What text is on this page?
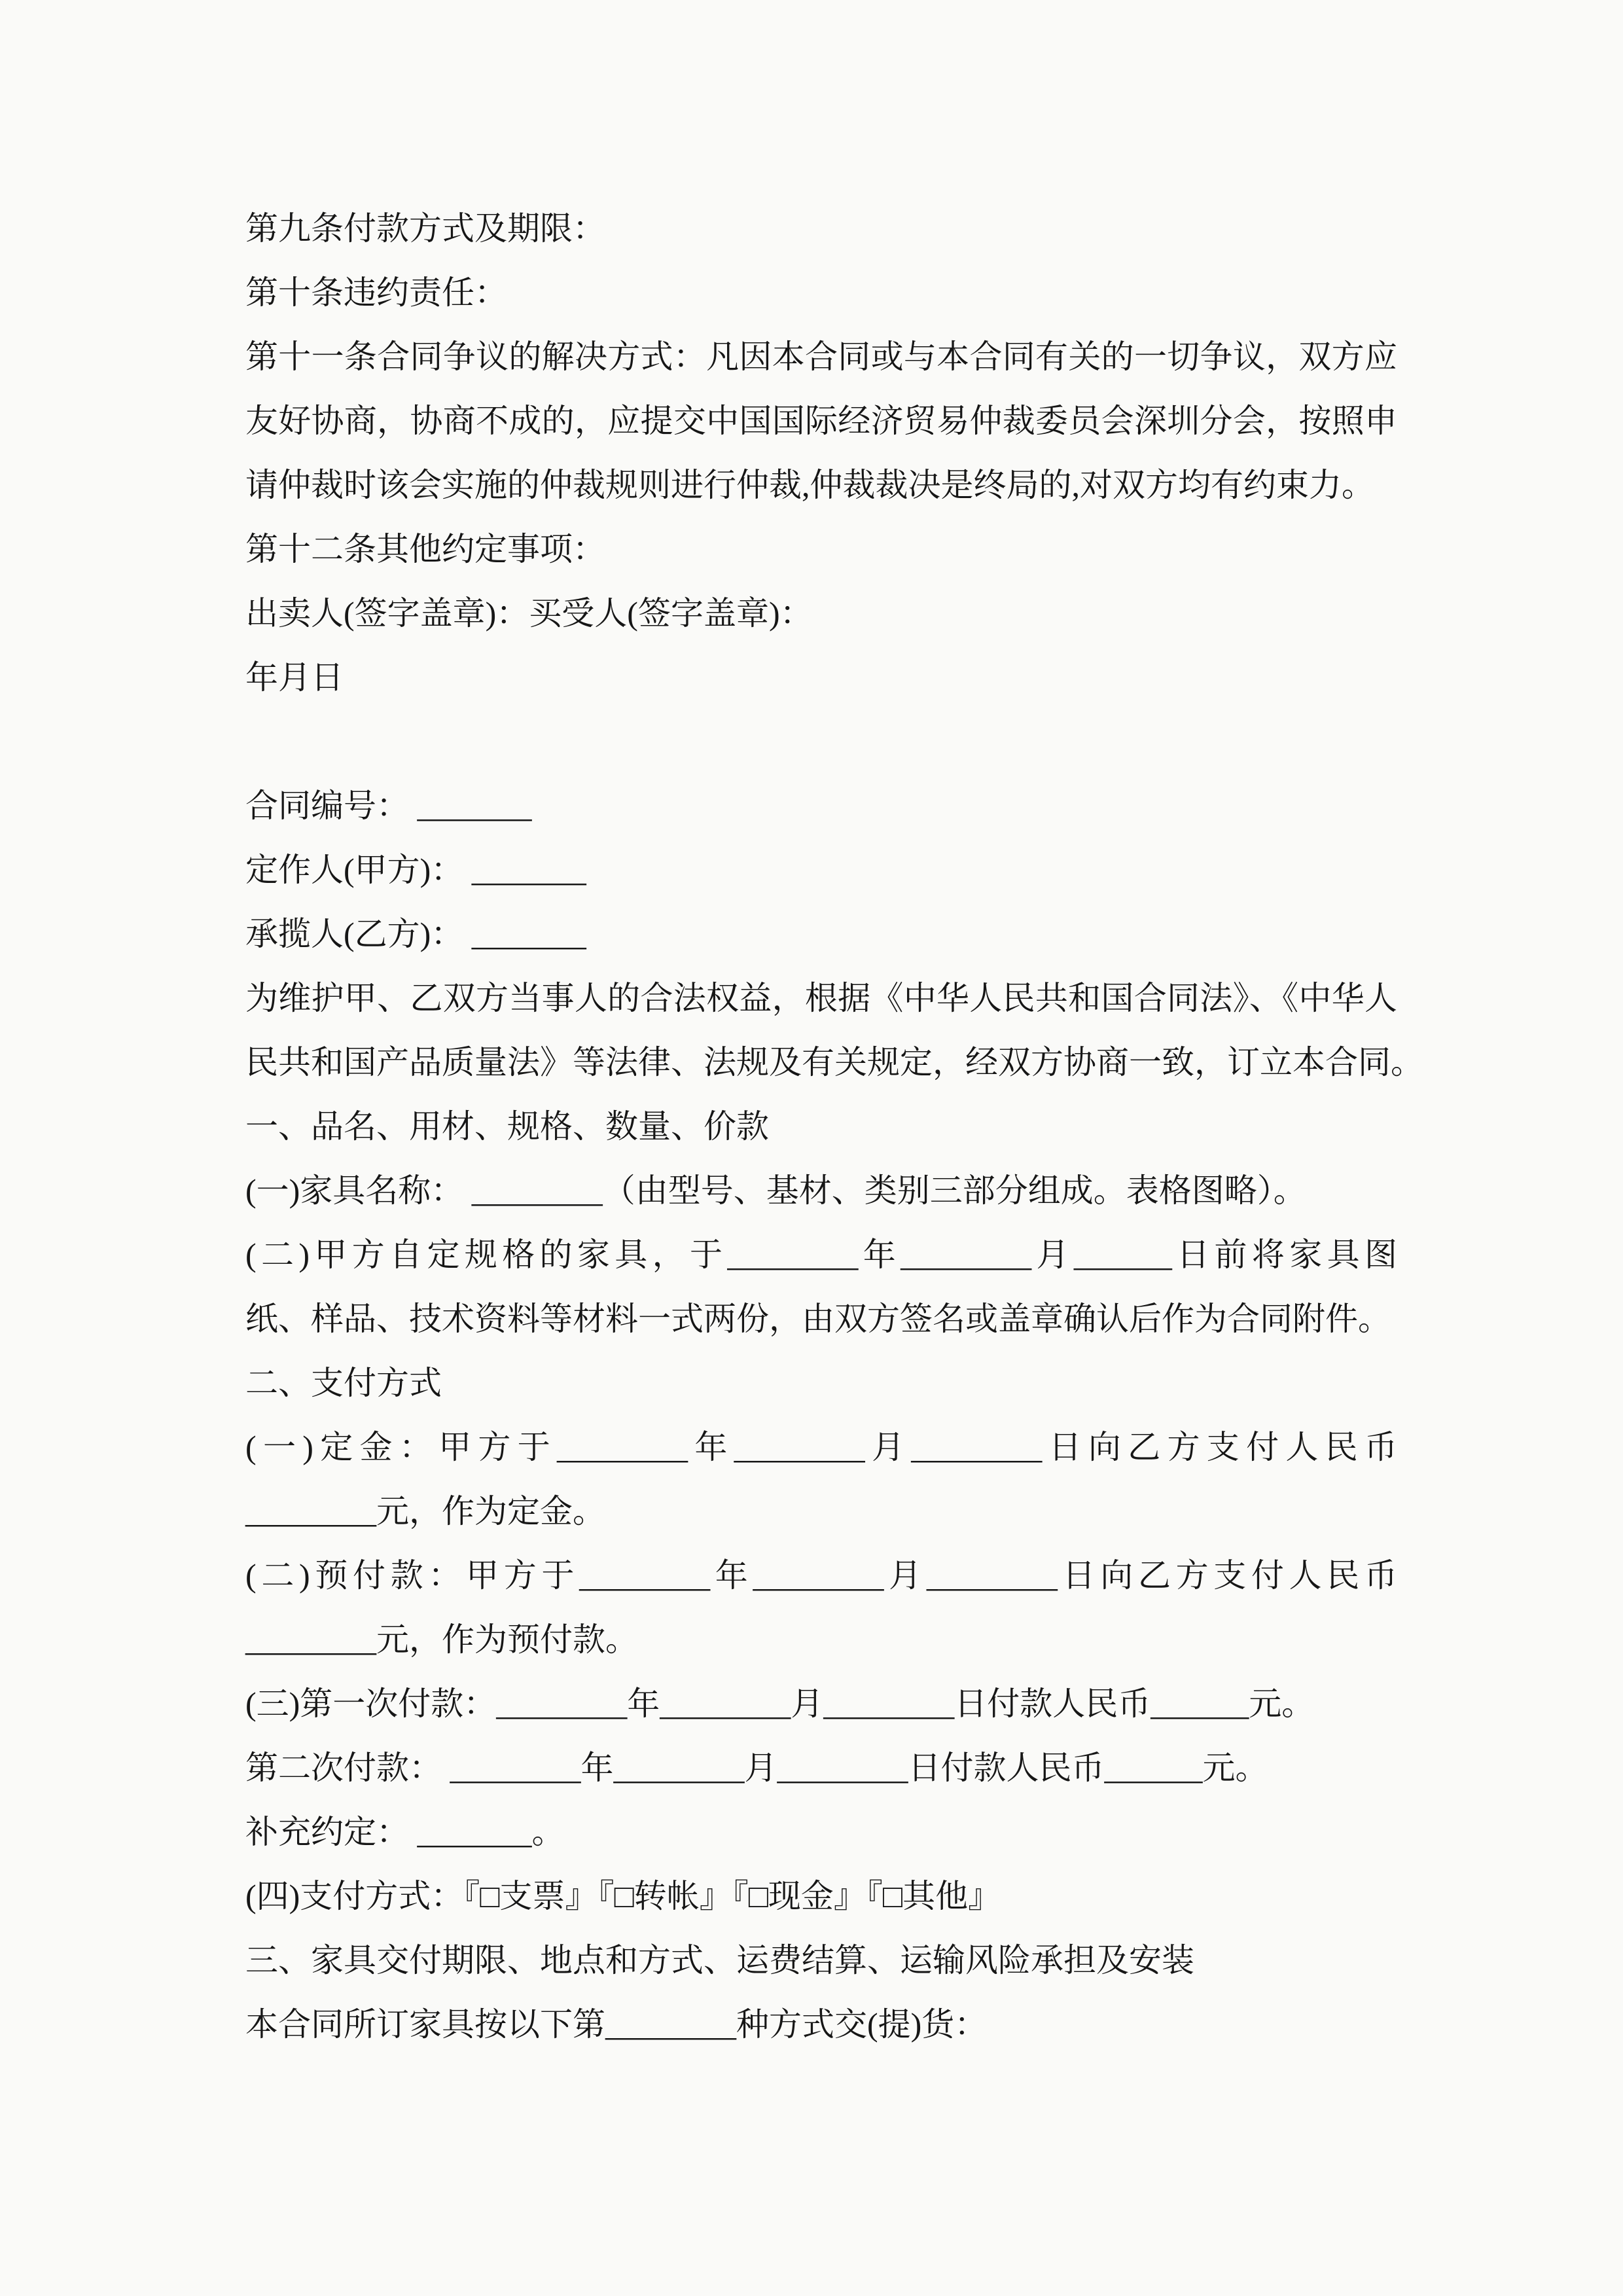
第九条付款方式及期限：
第十条违约责任：
第十一条合同争议的解决方式：凡因本合同或与本合同有关的一切争议，双方应
友好协商，协商不成的，应提交中国国际经济贸易仲裁委员会深圳分会，按照申
请仲裁时该会实施的仲裁规则进行仲裁,仲裁裁决是终局的,对双方均有约束力。
第十二条其他约定事项：
出卖人(签字盖章)：买受人(签字盖章)：
年月日
合同编号： _______
定作人(甲方)： _______
承揽人(乙方)： _______
为维护甲、乙双方当事人的合法权益，根据《中华人民共和国合同法》、《中华人
民共和国产品质量法》等法律、法规及有关规定，经双方协商一致，订立本合同。
一、品名、用材、规格、数量、价款
(一)家具名称： ________（由型号、基材、类别三部分组成。表格图略）。
(二)甲方自定规格的家具，于________年________月______日前将家具图
纸、样品、技术资料等材料一式两份，由双方签名或盖章确认后作为合同附件。
二、支付方式
(一)定金：甲方于________年________月________日向乙方支付人民币
________元，作为定金。
(二)预付款：甲方于________年________月________日向乙方支付人民币
________元，作为预付款。
(三)第一次付款：________年________月________日付款人民币______元。
第二次付款： ________年________月________日付款人民币______元。
补充约定： _______。
(四)支付方式：『□支票』『□转帐』『□现金』『□其他』
三、家具交付期限、地点和方式、运费结算、运输风险承担及安装
本合同所订家具按以下第________种方式交(提)货：
